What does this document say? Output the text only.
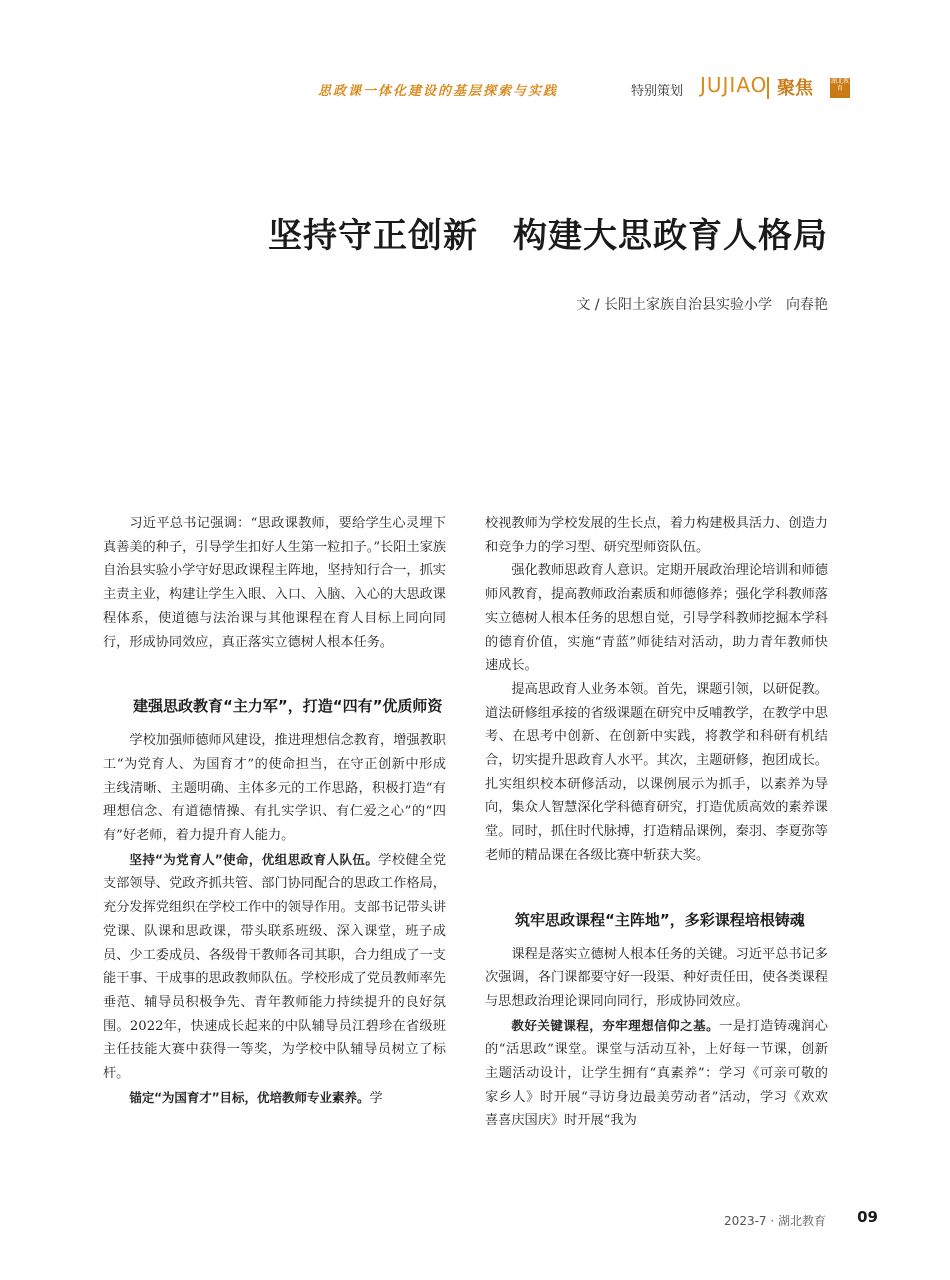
思政课一体化建设的基层探索与实践	特别策划 JUJIAO 聚焦	湖北教育
坚持守正创新　构建大思政育人格局
文 / 长阳土家族自治县实验小学　向春艳

习近平总书记强调：“思政课教师，要给学生心灵埋下真善美的种子，引导学生扣好人生第一粒扣子。”长阳土家族自治县实验小学守好思政课程主阵地，坚持知行合一，抓实主责主业，构建让学生入眼、入口、入脑、入心的大思政课程体系，使道德与法治课与其他课程在育人目标上同向同行，形成协同效应，真正落实立德树人根本任务。

建强思政教育“主力军”，打造“四有”优质师资

学校加强师德师风建设，推进理想信念教育，增强教职工“为党育人、为国育才”的使命担当，在守正创新中形成主线清晰、主题明确、主体多元的工作思路，积极打造“有理想信念、有道德情操、有扎实学识、有仁爱之心”的“四有”好老师，着力提升育人能力。

坚持“为党育人”使命，优组思政育人队伍。学校健全党支部领导、党政齐抓共管、部门协同配合的思政工作格局，充分发挥党组织在学校工作中的领导作用。支部书记带头讲党课、队课和思政课，带头联系班级、深入课堂，班子成员、少工委成员、各级骨干教师各司其职，合力组成了一支能干事、干成事的思政教师队伍。学校形成了党员教师率先垂范、辅导员积极争先、青年教师能力持续提升的良好氛围。2022年，快速成长起来的中队辅导员江碧珍在省级班主任技能大赛中获得一等奖，为学校中队辅导员树立了标杆。

锚定“为国育才”目标，优培教师专业素养。学

校视教师为学校发展的生长点，着力构建极具活力、创造力和竞争力的学习型、研究型师资队伍。

强化教师思政育人意识。定期开展政治理论培训和师德师风教育，提高教师政治素质和师德修养；强化学科教师落实立德树人根本任务的思想自觉，引导学科教师挖掘本学科的德育价值，实施“青蓝”师徒结对活动，助力青年教师快速成长。

提高思政育人业务本领。首先，课题引领，以研促教。道法研修组承接的省级课题在研究中反哺教学，在教学中思考、在思考中创新、在创新中实践，将教学和科研有机结合，切实提升思政育人水平。其次，主题研修，抱团成长。扎实组织校本研修活动，以课例展示为抓手，以素养为导向，集众人智慧深化学科德育研究，打造优质高效的素养课堂。同时，抓住时代脉搏，打造精品课例，秦羽、李夏弥等老师的精品课在各级比赛中斩获大奖。

筑牢思政课程“主阵地”，多彩课程培根铸魂

课程是落实立德树人根本任务的关键。习近平总书记多次强调，各门课都要守好一段渠、种好责任田，使各类课程与思想政治理论课同向同行，形成协同效应。

教好关键课程，夯牢理想信仰之基。一是打造铸魂润心的“活思政”课堂。课堂与活动互补，上好每一节课，创新主题活动设计，让学生拥有“真素养”：学习《可亲可敬的家乡人》时开展“寻访身边最美劳动者”活动，学习《欢欢喜喜庆国庆》时开展“我为

2023-7 · 湖北教育 09
